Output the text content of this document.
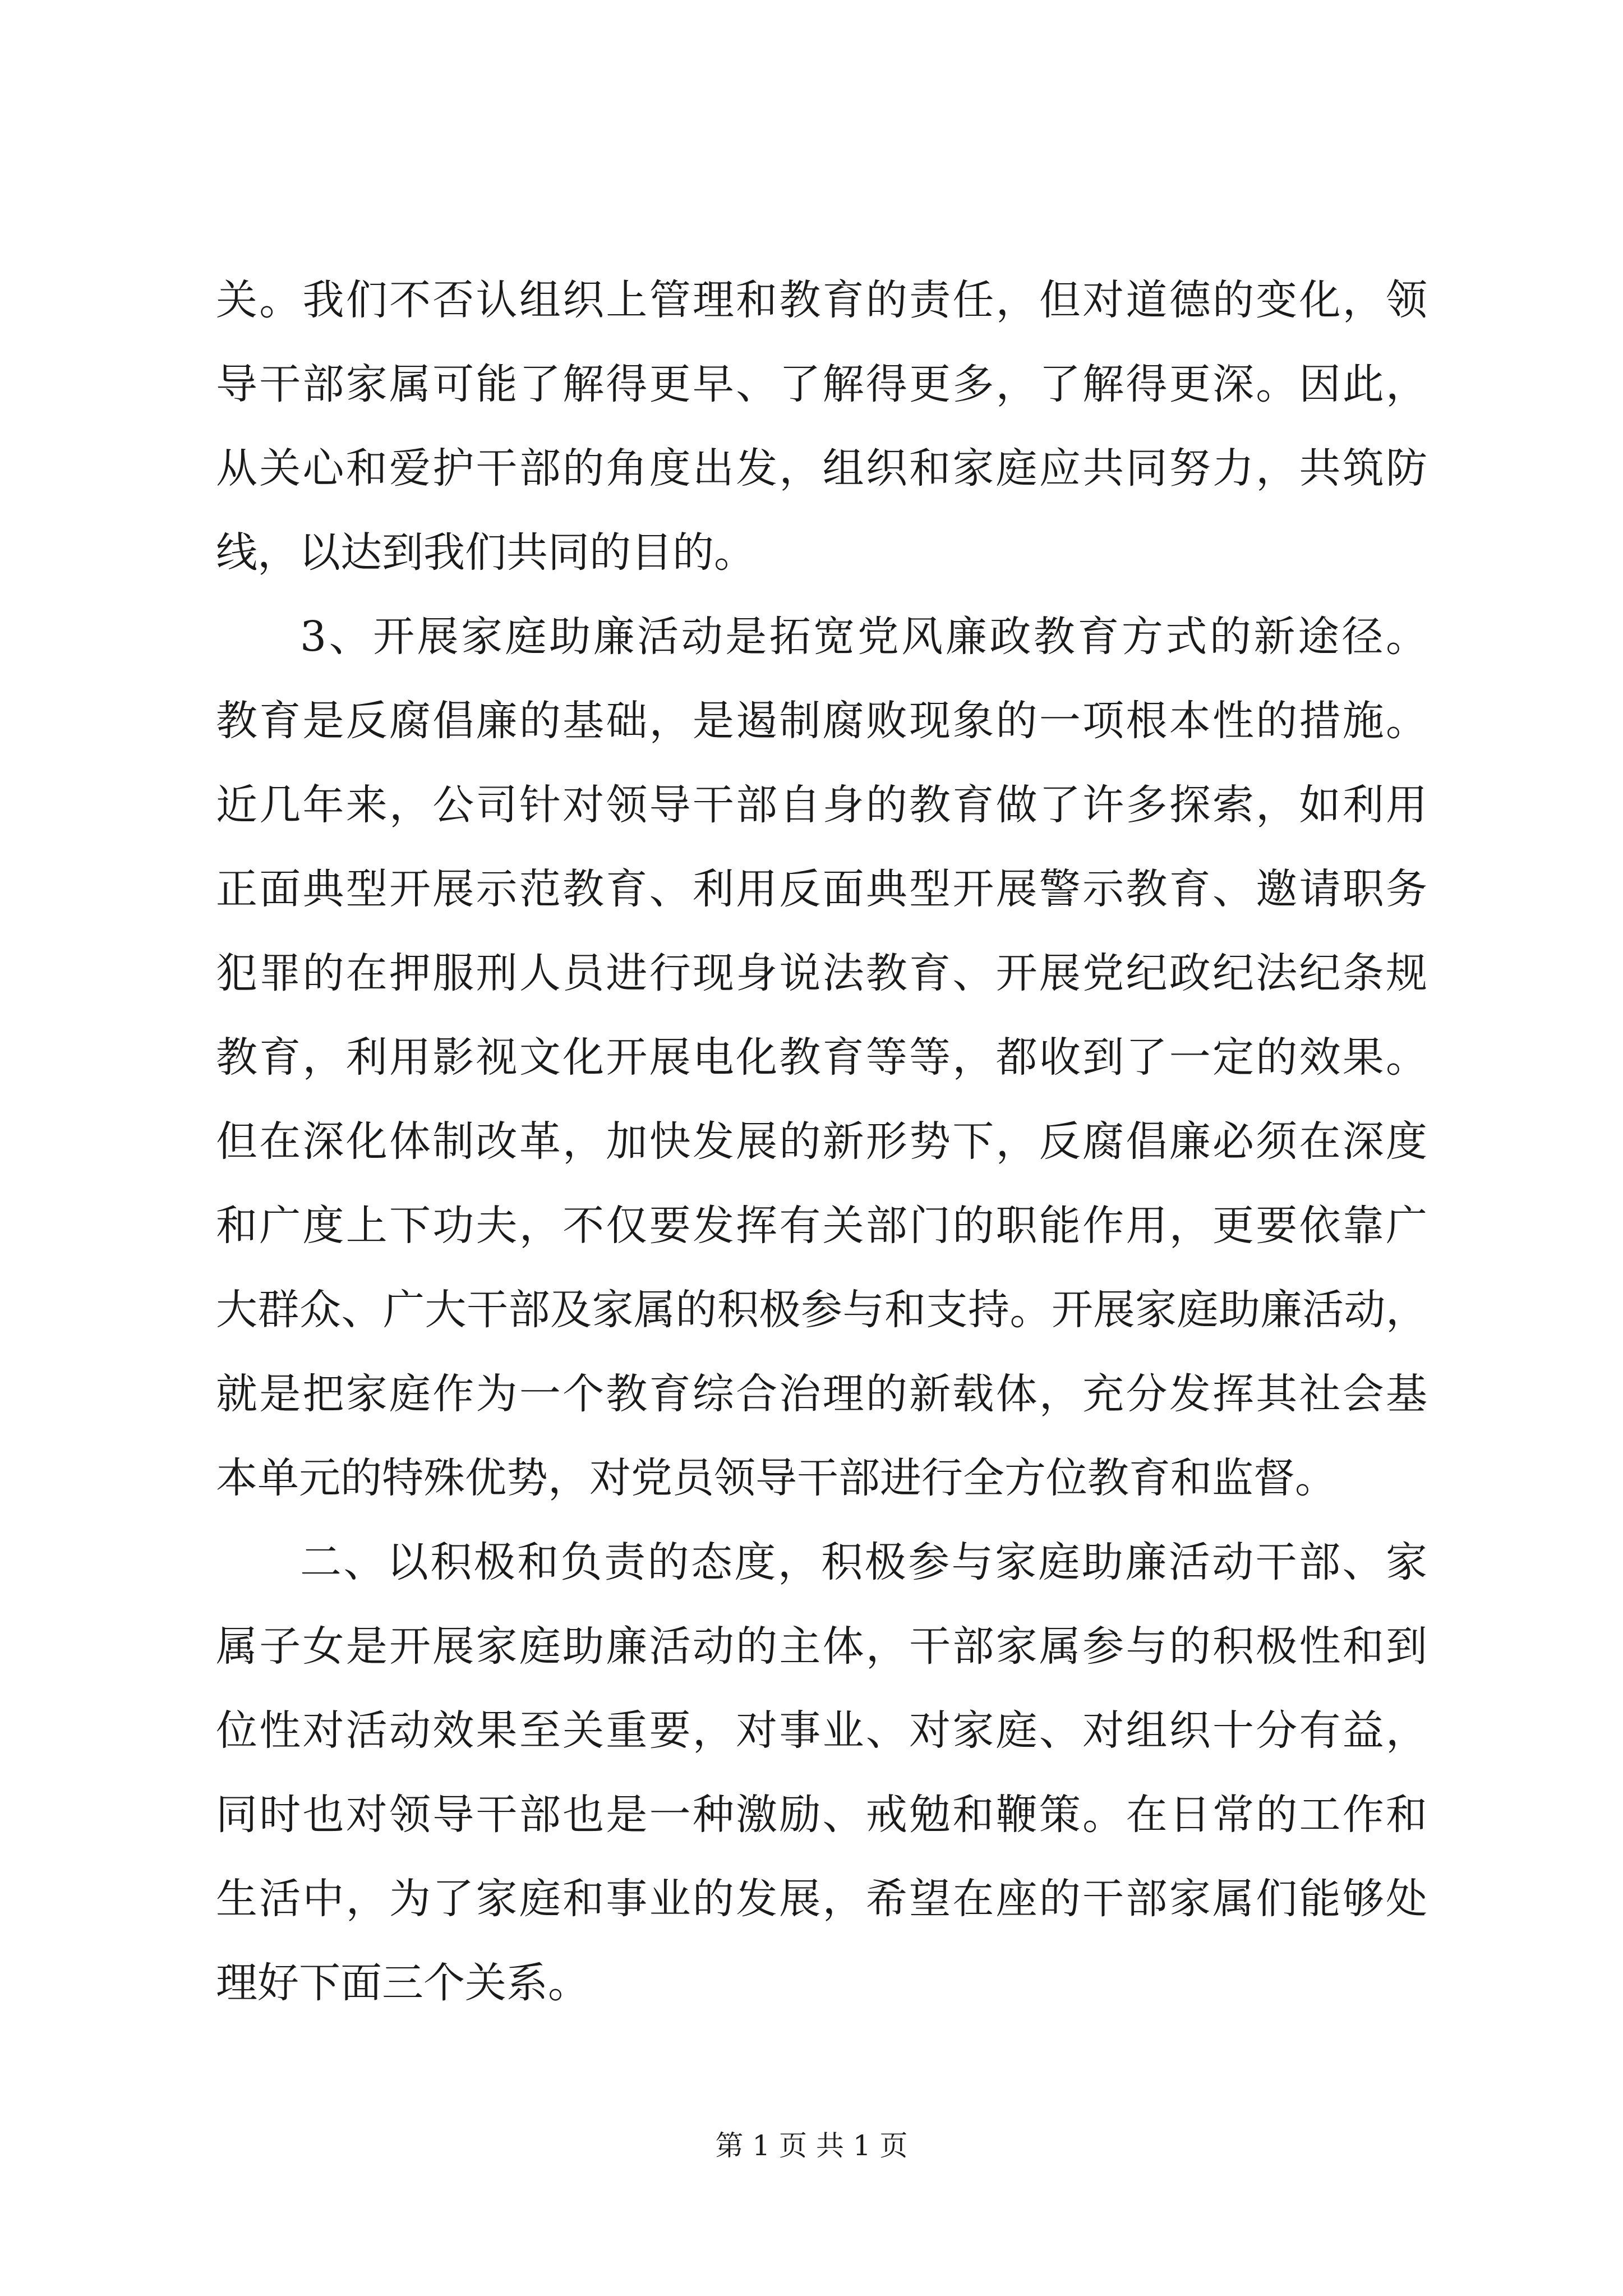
关。我们不否认组织上管理和教育的责任，但对道德的变化，领
导干部家属可能了解得更早、了解得更多，了解得更深。因此，
从关心和爱护干部的角度出发，组织和家庭应共同努力，共筑防
线，以达到我们共同的目的。
3、开展家庭助廉活动是拓宽党风廉政教育方式的新途径。
教育是反腐倡廉的基础，是遏制腐败现象的一项根本性的措施。
近几年来，公司针对领导干部自身的教育做了许多探索，如利用
正面典型开展示范教育、利用反面典型开展警示教育、邀请职务
犯罪的在押服刑人员进行现身说法教育、开展党纪政纪法纪条规
教育，利用影视文化开展电化教育等等，都收到了一定的效果。
但在深化体制改革，加快发展的新形势下，反腐倡廉必须在深度
和广度上下功夫，不仅要发挥有关部门的职能作用，更要依靠广
大群众、广大干部及家属的积极参与和支持。开展家庭助廉活动，
就是把家庭作为一个教育综合治理的新载体，充分发挥其社会基
本单元的特殊优势，对党员领导干部进行全方位教育和监督。
二、以积极和负责的态度，积极参与家庭助廉活动干部、家
属子女是开展家庭助廉活动的主体，干部家属参与的积极性和到
位性对活动效果至关重要，对事业、对家庭、对组织十分有益，
同时也对领导干部也是一种激励、戒勉和鞭策。在日常的工作和
生活中，为了家庭和事业的发展，希望在座的干部家属们能够处
理好下面三个关系。
第 1 页 共 1 页
